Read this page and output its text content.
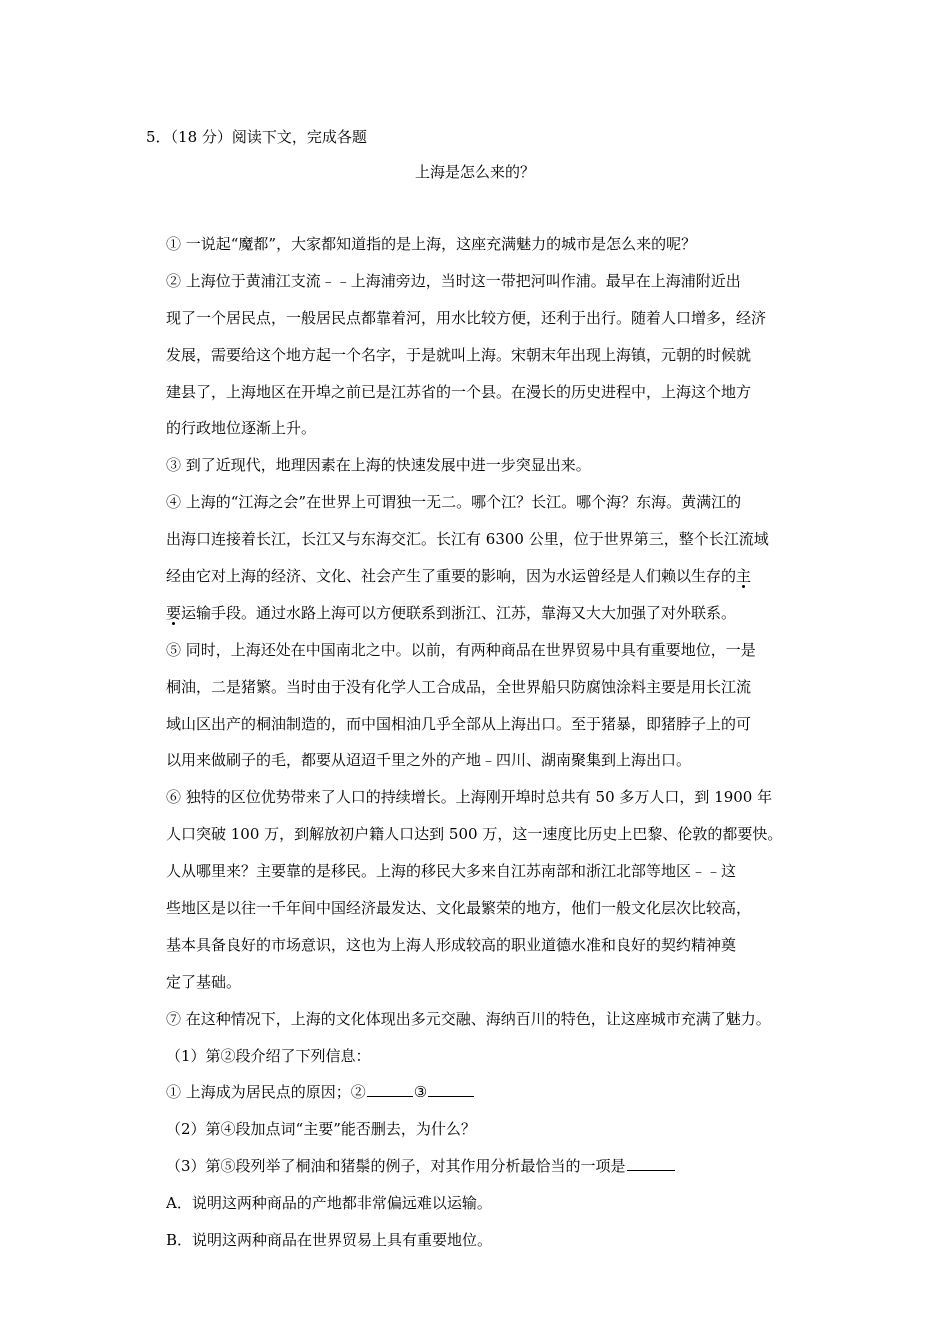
5．（18 分）阅读下文，完成各题
上海是怎么来的？
① 一说起“魔都”，大家都知道指的是上海，这座充满魅力的城市是怎么来的呢？
② 上海位于黄浦江支流﹣﹣上海浦旁边，当时这一带把河叫作浦。最早在上海浦附近出
现了一个居民点，一般居民点都靠着河，用水比较方便，还利于出行。随着人口增多，经济
发展，需要给这个地方起一个名字，于是就叫上海。宋朝末年出现上海镇，元朝的时候就
建县了，上海地区在开埠之前已是江苏省的一个县。在漫长的历史进程中，上海这个地方
的行政地位逐渐上升。
③ 到了近现代，地理因素在上海的快速发展中进一步突显出来。
④ 上海的“江海之会”在世界上可谓独一无二。哪个江？长江。哪个海？东海。黄满江的
出海口连接着长江，长江又与东海交汇。长江有 6300 公里，位于世界第三，整个长江流域
经由它对上海的经济、文化、社会产生了重要的影响，因为水运曾经是人们赖以生存的主
要运输手段。通过水路上海可以方便联系到浙江、江苏，靠海又大大加强了对外联系。
⑤ 同时，上海还处在中国南北之中。以前，有两种商品在世界贸易中具有重要地位，一是
桐油，二是猪繁。当时由于没有化学人工合成品，全世界船只防腐蚀涂料主要是用长江流
域山区出产的桐油制造的，而中国相油几乎全部从上海出口。至于猪暴，即猪脖子上的可
以用来做刷子的毛，都要从迢迢千里之外的产地﹣四川、湖南聚集到上海出口。
⑥ 独特的区位优势带来了人口的持续增长。上海刚开埠时总共有 50 多万人口，到 1900 年
人口突破 100 万，到解放初户籍人口达到 500 万，这一速度比历史上巴黎、伦敦的都要快。
人从哪里来？主要靠的是移民。上海的移民大多来自江苏南部和浙江北部等地区﹣﹣这
些地区是以往一千年间中国经济最发达、文化最繁荣的地方，他们一般文化层次比较高，
基本具备良好的市场意识，这也为上海人形成较高的职业道德水准和良好的契约精神奠
定了基础。
⑦ 在这种情况下，上海的文化体现出多元交融、海纳百川的特色，让这座城市充满了魅力。
（1）第②段介绍了下列信息：
① 上海成为居民点的原因；②	③
（2）第④段加点词“主要”能否删去，为什么？
（3）第⑤段列举了桐油和猪鬃的例子，对其作用分析最恰当的一项是
A．说明这两种商品的产地都非常偏远难以运输。
B．说明这两种商品在世界贸易上具有重要地位。
